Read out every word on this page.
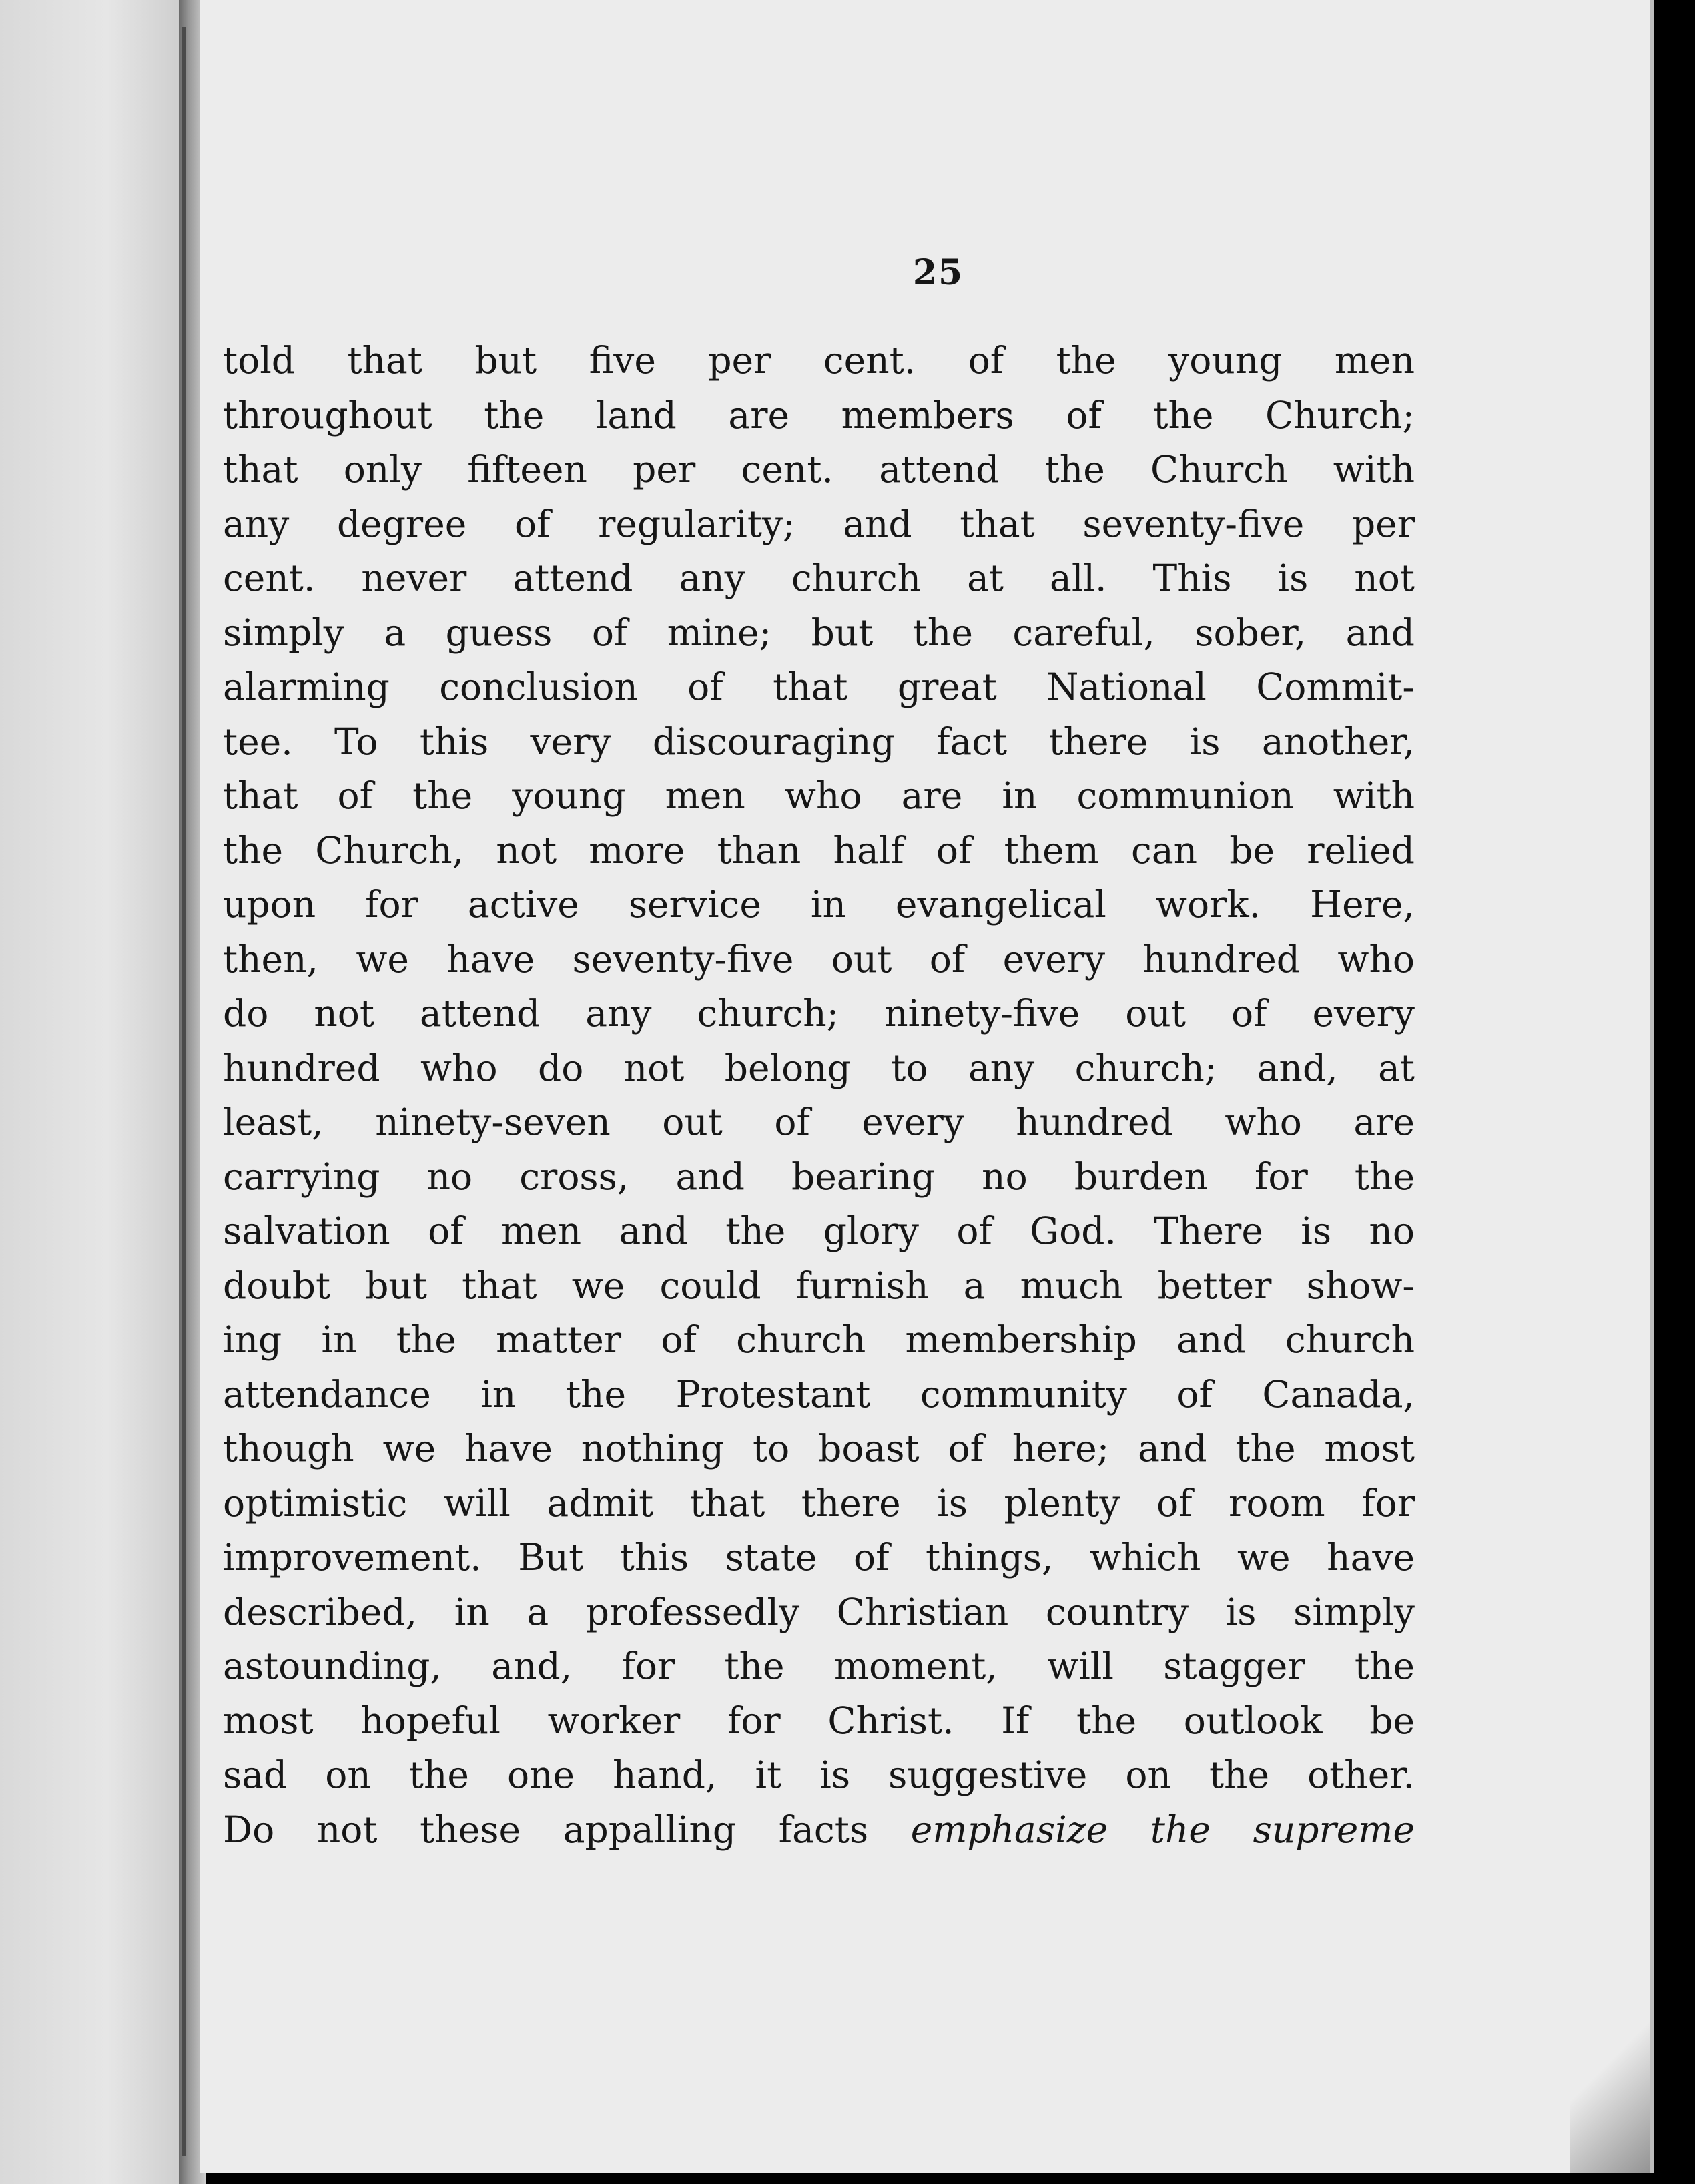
25
told that but five per cent. of the young men
throughout the land are members of the Church;
that only fifteen per cent. attend the Church with
any degree of regularity; and that seventy-five per
cent. never attend any church at all. This is not
simply a guess of mine; but the careful, sober, and
alarming conclusion of that great National Commit-
tee. To this very discouraging fact there is another,
that of the young men who are in communion with
the Church, not more than half of them can be relied
upon for active service in evangelical work. Here,
then, we have seventy-five out of every hundred who
do not attend any church; ninety-five out of every
hundred who do not belong to any church; and, at
least, ninety-seven out of every hundred who are
carrying no cross, and bearing no burden for the
salvation of men and the glory of God. There is no
doubt but that we could furnish a much better show-
ing in the matter of church membership and church
attendance in the Protestant community of Canada,
though we have nothing to boast of here; and the most
optimistic will admit that there is plenty of room for
improvement. But this state of things, which we have
described, in a professedly Christian country is simply
astounding, and, for the moment, will stagger the
most hopeful worker for Christ. If the outlook be
sad on the one hand, it is suggestive on the other.
Do not these appalling facts emphasize the supreme
